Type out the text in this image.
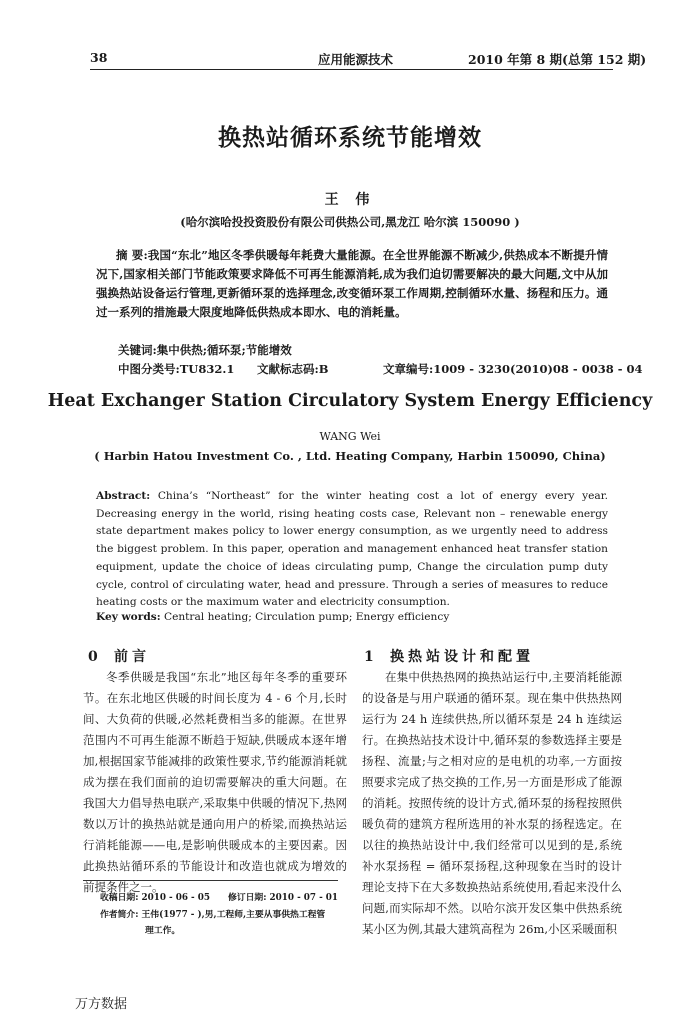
38	应用能源技术	2010 年第 8 期(总第 152 期)
换热站循环系统节能增效
王 伟
(哈尔滨哈投投资股份有限公司供热公司,黑龙江 哈尔滨 150090 )
摘 要:我国“东北”地区冬季供暖每年耗费大量能源。在全世界能源不断减少,供热成本不断提升情况下,国家相关部门节能政策要求降低不可再生能源消耗,成为我们迫切需要解决的最大问题,文中从加强换热站设备运行管理,更新循环泵的选择理念,改变循环泵工作周期,控制循环水量、扬程和压力。通过一系列的措施最大限度地降低供热成本即水、电的消耗量。
关键词:集中供热;循环泵;节能增效
中图分类号:TU832.1 文献标志码:B	文章编号:1009 - 3230(2010)08 - 0038 - 04
Heat Exchanger Station Circulatory System Energy Efficiency
WANG Wei
( Harbin Hatou Investment Co. , Ltd. Heating Company, Harbin 150090, China)
Abstract: China’s “Northeast” for the winter heating cost a lot of energy every year. Decreasing energy in the world, rising heating costs case, Relevant non – renewable energy state department makes policy to lower energy consumption, as we urgently need to address the biggest problem. In this paper, operation and management enhanced heat transfer station equipment, update the choice of ideas circulating pump, Change the circulation pump duty cycle, control of circulating water, head and pressure. Through a series of measures to reduce heating costs or the maximum water and electricity consumption.
Key words: Central heating; Circulation pump; Energy efficiency
0 前言	1 换热站设计和配置
冬季供暖是我国“东北”地区每年冬季的重要环节。在东北地区供暖的时间长度为 4 - 6 个月,长时间、大负荷的供暖,必然耗费相当多的能源。在世界范围内不可再生能源不断趋于短缺,供暖成本逐年增加,根据国家节能减排的政策性要求,节约能源消耗就成为摆在我们面前的迫切需要解决的重大问题。在我国大力倡导热电联产,采取集中供暖的情况下,热网数以万计的换热站就是通向用户的桥梁,而换热站运行消耗能源——电,是影响供暖成本的主要因素。因此换热站循环系的节能设计和改造也就成为增效的前提条件之一。
在集中供热热网的换热站运行中,主要消耗能源的设备是与用户联通的循环泵。现在集中供热热网运行为 24 h 连续供热,所以循环泵是 24 h 连续运行。在换热站技术设计中,循环泵的参数选择主要是扬程、流量;与之相对应的是电机的功率,一方面按照要求完成了热交换的工作,另一方面是形成了能源的消耗。按照传统的设计方式,循环泵的扬程按照供暖负荷的建筑方程所选用的补水泵的扬程选定。在以往的换热站设计中,我们经常可以见到的是,系统补水泵扬程 = 循环泵扬程,这种现象在当时的设计理论支持下在大多数换热站系统使用,看起来没什么问题,而实际却不然。以哈尔滨开发区集中供热系统某小区为例,其最大建筑高程为 26m,小区采暖面积
收稿日期: 2010 - 06 - 05 修订日期: 2010 - 07 - 01
作者简介: 王伟(1977 - ),男,工程师,主要从事供热工程管
理工作。
万方数据
